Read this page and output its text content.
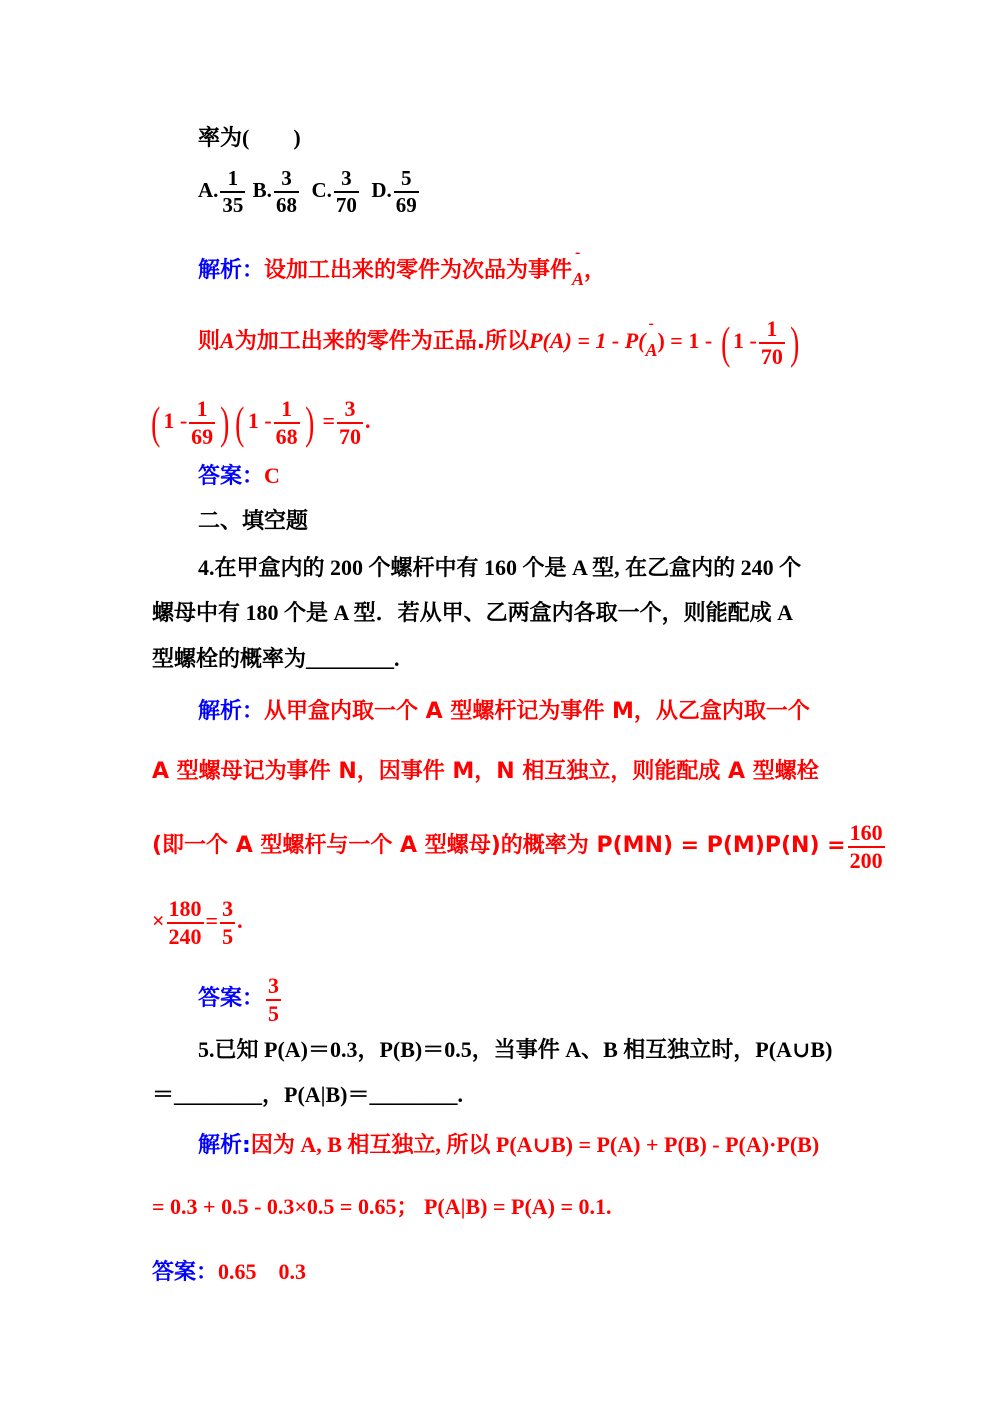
率为(　　)
A. $\frac{1}{35} B$. $\frac{3}{68} C$. $\frac{3}{70} D$. $\frac{5}{69}$
解析：设加工出来的零件为次品为事件- A，
则A为加工出来的零件为正品.所以P(A) = 1 - P(- A) = 1 - ( $1 - \frac{1}{70}$ )
( $1 - \frac{1}{69}$ ) ( $1 - \frac{1}{68}$ ) = $\frac{3}{70}$ .
答案：C
二、填空题
4.在甲盒内的 200 个螺杆中有 160 个是 A 型, 在乙盒内的 240 个
螺母中有 180 个是 A 型．若从甲、乙两盒内各取一个，则能配成 A
型螺栓的概率为________.
解析：从甲盒内取一个 A 型螺杆记为事件 M，从乙盒内取一个
A 型螺母记为事件 N，因事件 M，N 相互独立，则能配成 A 型螺栓
(即一个 A 型螺杆与一个 A 型螺母)的概率为 $P(MN) = P(M)P(N) = \frac{160}{200}$
× $\frac{180}{240} = \frac{3}{5}$ .
答案： $\frac{3}{5}$
5.已知 P(A)＝0.3，P(B)＝0.5，当事件 A、B 相互独立时，P(A∪B)
＝________，P(A|B)＝________.
解析:因为 A, B 相互独立, 所以 P(A∪B) = P(A) + P(B) - P(A)·P(B)
= 0.3 + 0.5 - 0.3×0.5 = 0.65； P(A|B) = P(A) = 0.1.
答案：0.65　0.3
